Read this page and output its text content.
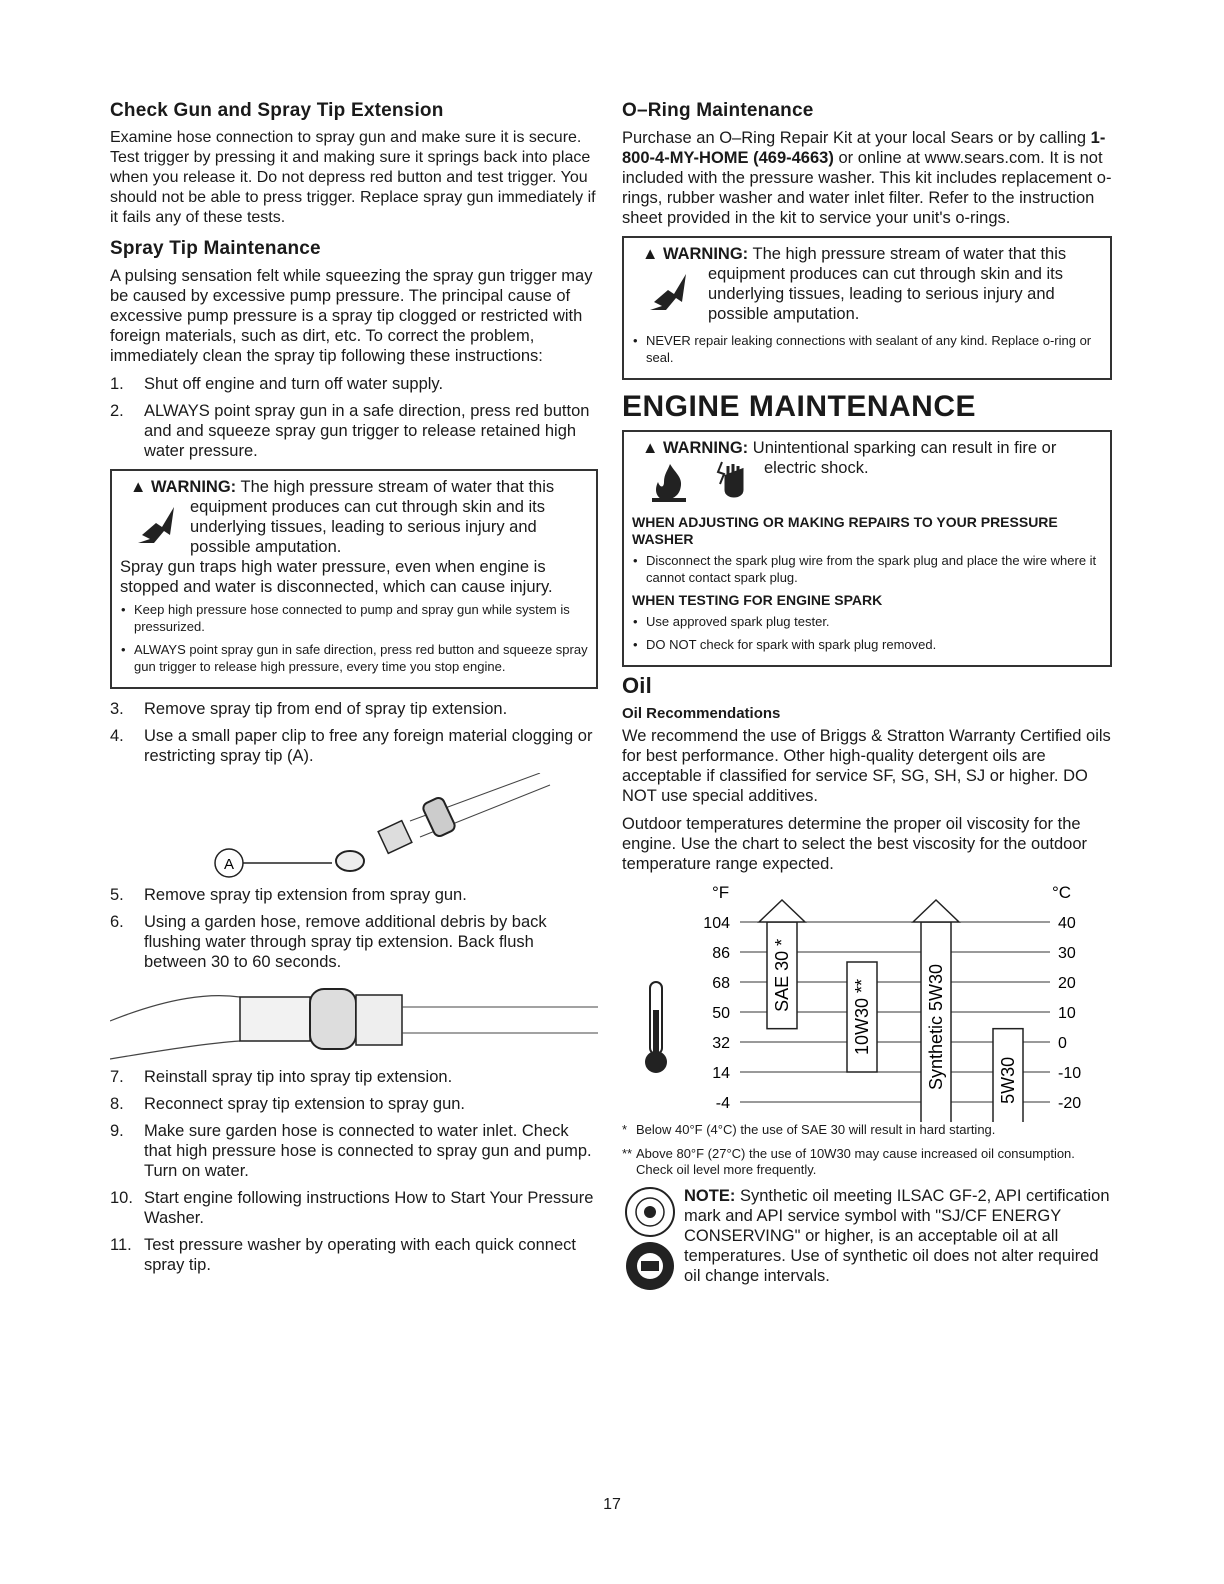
Check Gun and Spray Tip Extension

Examine hose connection to spray gun and make sure it is secure. Test trigger by pressing it and making sure it springs back into place when you release it. Do not depress red button and test trigger. You should not be able to press trigger. Replace spray gun immediately if it fails any of these tests.

Spray Tip Maintenance

A pulsing sensation felt while squeezing the spray gun trigger may be caused by excessive pump pressure. The principal cause of excessive pump pressure is a spray tip clogged or restricted with foreign materials, such as dirt, etc. To correct the problem, immediately clean the spray tip following these instructions:

1.	Shut off engine and turn off water supply.
2.	ALWAYS point spray gun in a safe direction, press red button and and squeeze spray gun trigger to release retained high water pressure.
▲ WARNING: The high pressure stream of water that this
equipment produces can cut through skin and its underlying tissues, leading to serious injury and possible amputation.

Spray gun traps high water pressure, even when engine is stopped and water is disconnected, which can cause injury.

• Keep high pressure hose connected to pump and spray gun while system is pressurized.
• ALWAYS point spray gun in safe direction, press red button and squeeze spray gun trigger to release high pressure, every time you stop engine.
3.	Remove spray tip from end of spray tip extension.
4.	Use a small paper clip to free any foreign material clogging or restricting spray tip (A).
A
5.	Remove spray tip extension from spray gun.
6.	Using a garden hose, remove additional debris by back flushing water through spray tip extension. Back flush between 30 to 60 seconds.
7.	Reinstall spray tip into spray tip extension.
8.	Reconnect spray tip extension to spray gun.
9.	Make sure garden hose is connected to water inlet. Check that high pressure hose is connected to spray gun and pump. Turn on water.
10. Start engine following instructions How to Start Your Pressure Washer.
11. Test pressure washer by operating with each quick connect spray tip.
O–Ring Maintenance

Purchase an O–Ring Repair Kit at your local Sears or by calling 1-800-4-MY-HOME (469-4663) or online at www.sears.com. It is not included with the pressure washer. This kit includes replacement o-rings, rubber washer and water inlet filter. Refer to the instruction sheet provided in the kit to service your unit's o-rings.

▲ WARNING: The high pressure stream of water that this
equipment produces can cut through skin and its underlying tissues, leading to serious injury and possible amputation.
• NEVER repair leaking connections with sealant of any kind. Replace o-ring or seal.
ENGINE MAINTENANCE
▲ WARNING: Unintentional sparking can result in fire or
electric shock.
WHEN ADJUSTING OR MAKING REPAIRS TO YOUR PRESSURE WASHER
• Disconnect the spark plug wire from the spark plug and place the wire where it cannot contact spark plug.
WHEN TESTING FOR ENGINE SPARK
• Use approved spark plug tester.
• DO NOT check for spark with spark plug removed.
Oil
Oil Recommendations

We recommend the use of Briggs & Stratton Warranty Certified oils for best performance. Other high-quality detergent oils are acceptable if classified for service SF, SG, SH, SJ or higher. DO NOT use special additives.

Outdoor temperatures determine the proper oil viscosity for the engine. Use the chart to select the best viscosity for the outdoor temperature range expected.

°F	°C
104
86
68
50
32
14
-4
40
30
20
10
0
-10
-20
SAE 30 *
10W30 **	Synthetic 5W30	5W30
* Below 40°F (4°C) the use of SAE 30 will result in hard starting.
** Above 80°F (27°C) the use of 10W30 may cause increased oil consumption. Check oil level more frequently.
NOTE: Synthetic oil meeting ILSAC GF-2, API certification mark and API service symbol with "SJ/CF ENERGY CONSERVING" or higher, is an acceptable oil at all temperatures. Use of synthetic oil does not alter required oil change intervals.
17
